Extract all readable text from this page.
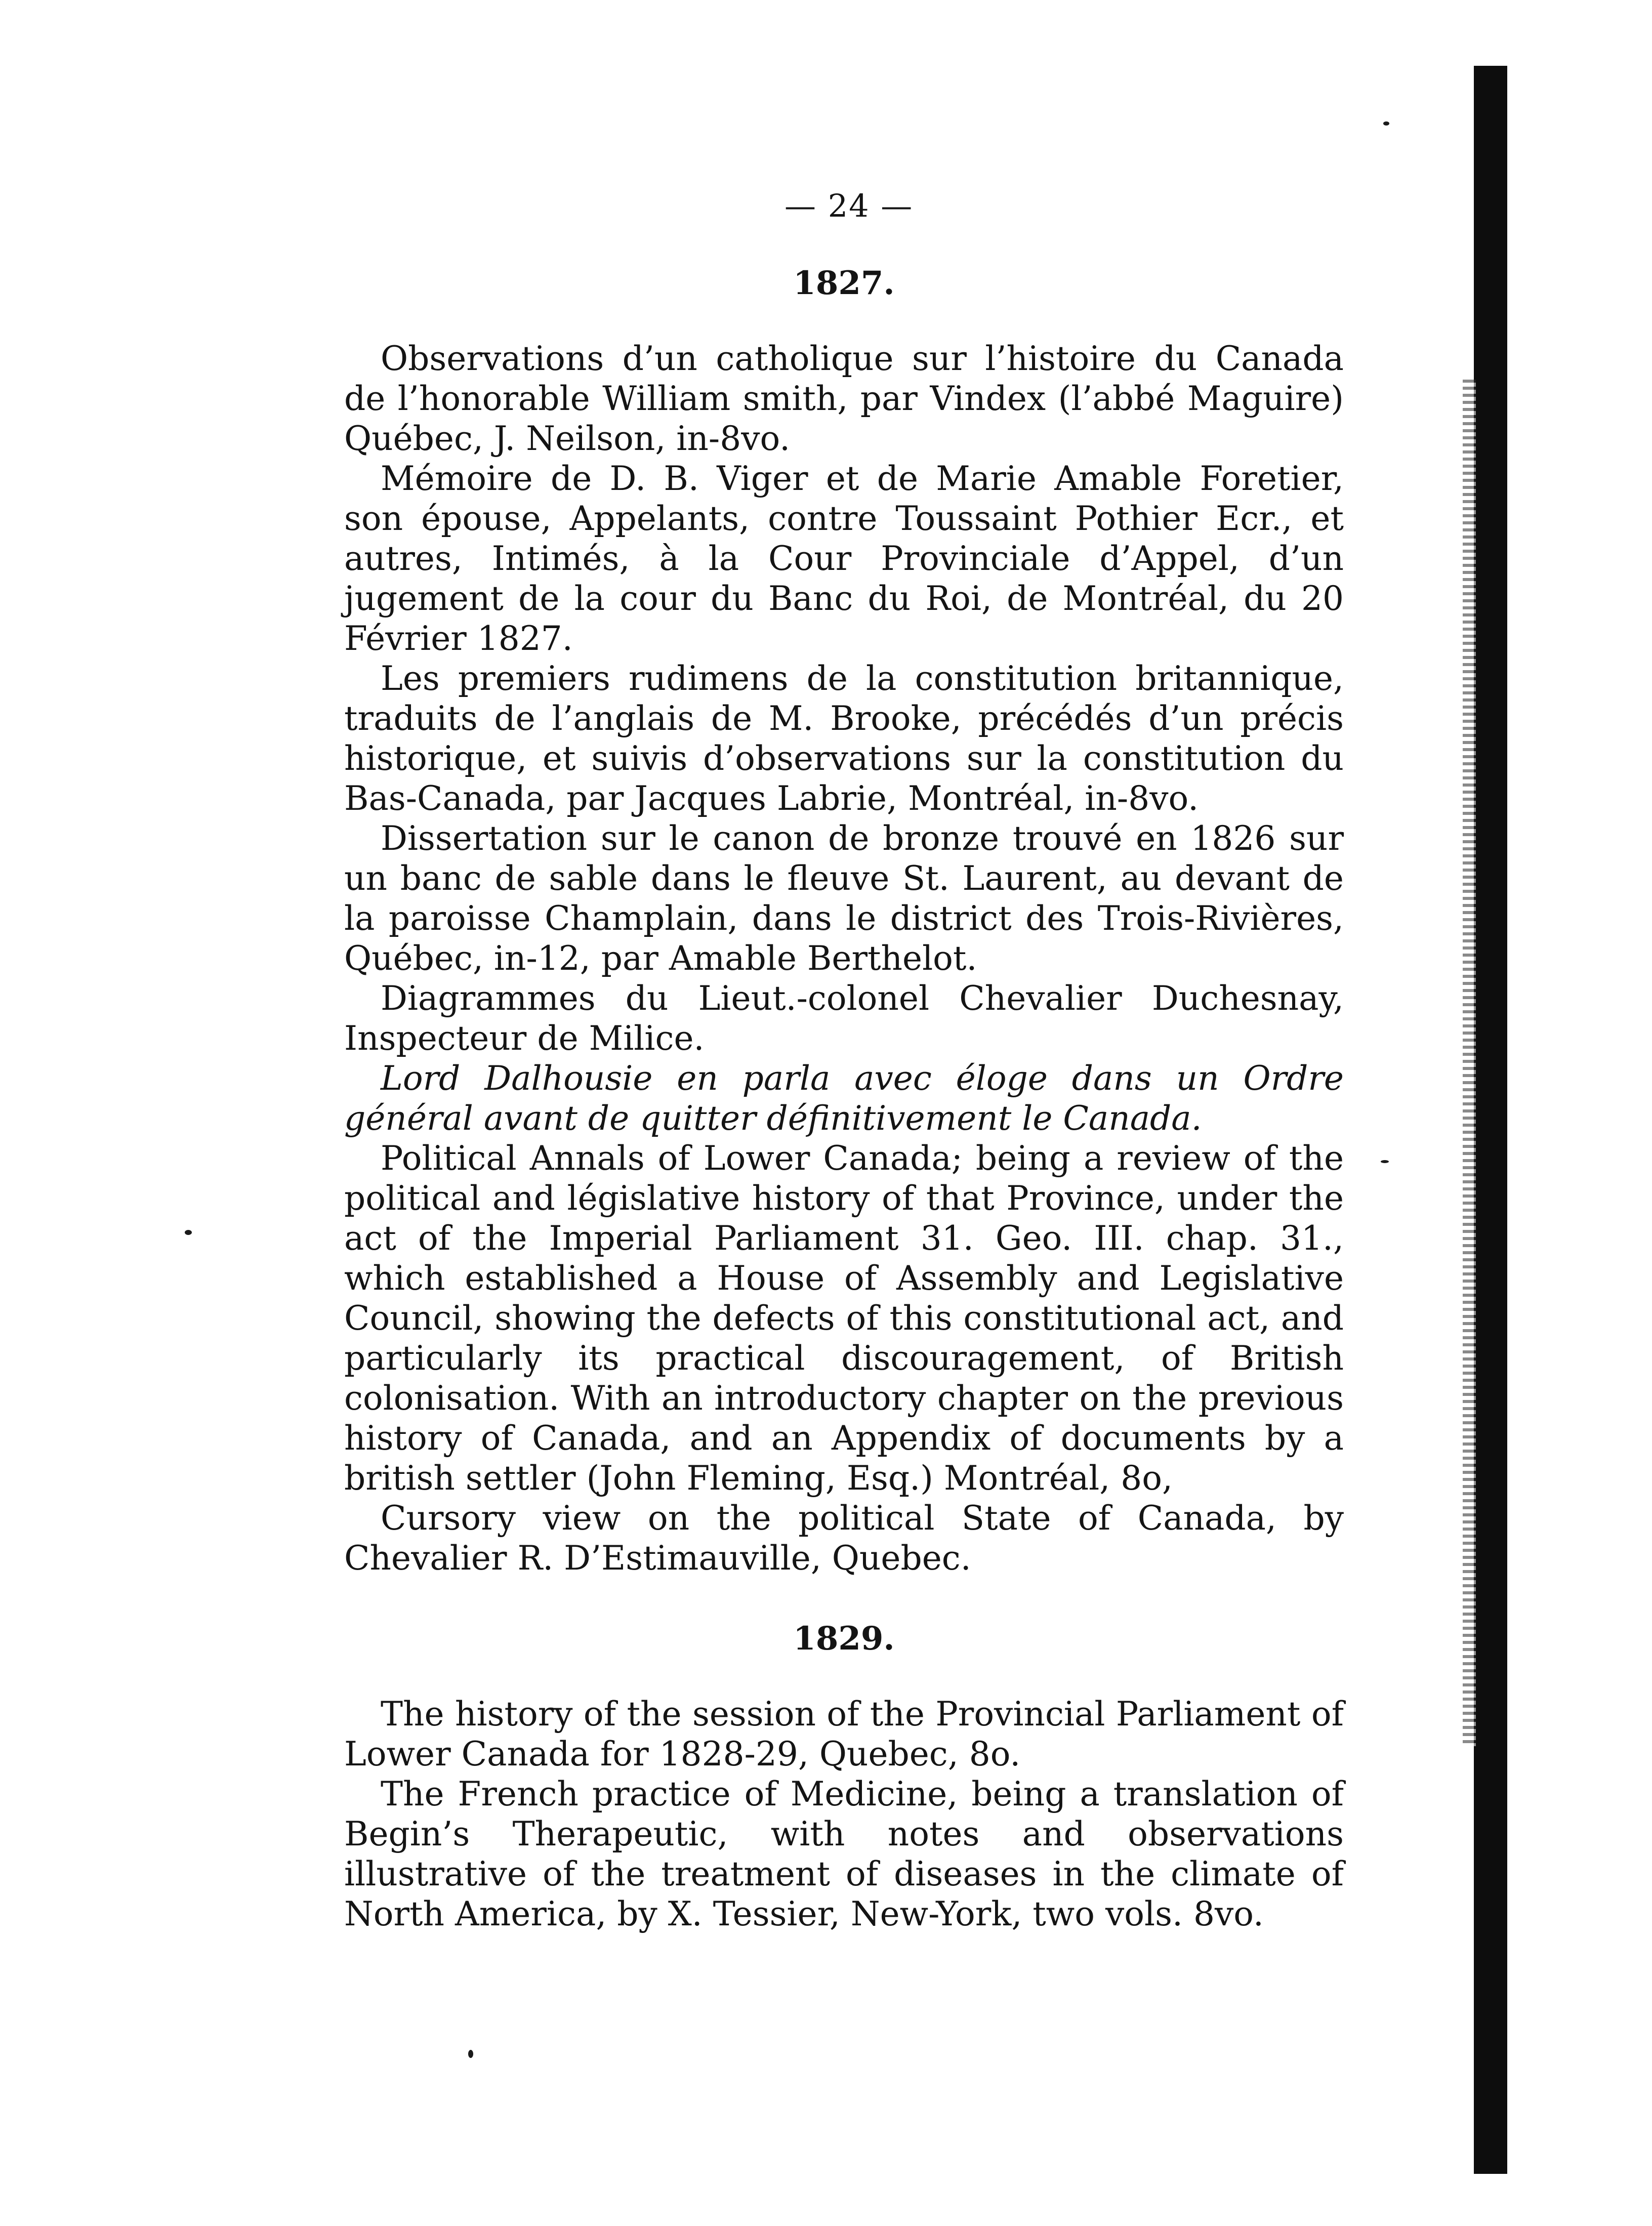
— 24 —
1827.

Observations d’un catholique sur l’histoire du Canada de l’honorable William smith, par Vindex (l’abbé Maguire) Québec, J. Neilson, in-8vo.

Mémoire de D. B. Viger et de Marie Amable Foretier, son épouse, Appelants, contre Toussaint Pothier Ecr., et autres, Intimés, à la Cour Provinciale d’Appel, d’un jugement de la cour du Banc du Roi, de Montréal, du 20 Février 1827.

Les premiers rudimens de la constitution britannique, traduits de l’anglais de M. Brooke, précédés d’un précis historique, et suivis d’observations sur la constitution du Bas-Canada, par Jacques Labrie, Montréal, in-8vo.

Dissertation sur le canon de bronze trouvé en 1826 sur un banc de sable dans le fleuve St. Laurent, au devant de la paroisse Champlain, dans le district des Trois-Rivières, Québec, in-12, par Amable Berthelot.

Diagrammes du Lieut.-colonel Chevalier Duchesnay, Inspecteur de Milice.

Lord Dalhousie en parla avec éloge dans un Ordre général avant de quitter définitivement le Canada.

Political Annals of Lower Canada; being a review of the political and législative history of that Province, under the act of the Imperial Parliament 31. Geo. III. chap. 31., which established a House of Assembly and Legislative Council, showing the defects of this constitutional act, and particularly its practical discouragement, of British colonisation. With an introductory chapter on the previous history of Canada, and an Appendix of documents by a british settler (John Fleming, Esq.) Montréal, 8o,

Cursory view on the political State of Canada, by Chevalier R. D’Estimauville, Quebec.

1829.

The history of the session of the Provincial Parliament of Lower Canada for 1828-29, Quebec, 8o.

The French practice of Medicine, being a translation of Begin’s Therapeutic, with notes and observations illustrative of the treatment of diseases in the climate of North America, by X. Tessier, New-York, two vols. 8vo.
